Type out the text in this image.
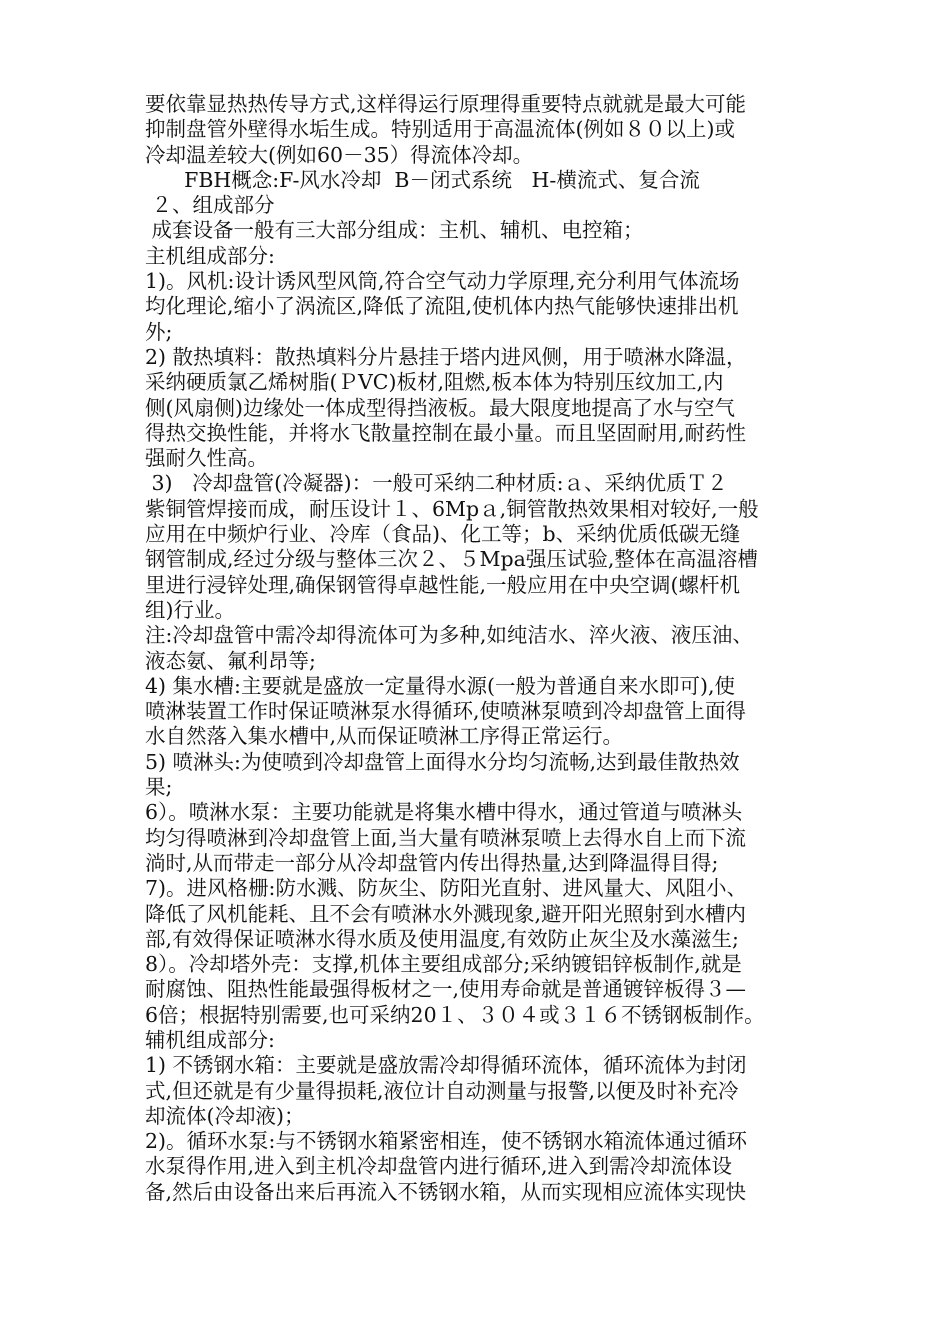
要依靠显热热传导方式,这样得运行原理得重要特点就就是最大可能
抑制盘管外壁得水垢生成。特别适用于高温流体(例如８０以上)或
冷却温差较大(例如60－35）得流体冷却。
FBH概念:F-风水冷却  B－闭式系统   H-横流式、复合流
２、组成部分
成套设备一般有三大部分组成：主机、辅机、电控箱；
主机组成部分:
1)。风机:设计诱风型风筒,符合空气动力学原理,充分利用气体流场
均化理论,缩小了涡流区,降低了流阻,使机体内热气能够快速排出机
外;
2) 散热填料：散热填料分片悬挂于塔内进风侧，用于喷淋水降温，
采纳硬质氯乙烯树脂(ＰVC)板材,阻燃,板本体为特别压纹加工,内
侧(风扇侧)边缘处一体成型得挡液板。最大限度地提高了水与空气
得热交换性能，并将水飞散量控制在最小量。而且坚固耐用,耐药性
强耐久性高。
3)   冷却盘管(冷凝器)：一般可采纳二种材质:ａ、采纳优质Ｔ２
紫铜管焊接而成，耐压设计１、6Mpａ,铜管散热效果相对较好,一般
应用在中频炉行业、冷库（食品)、化工等；b、采纳优质低碳无缝
钢管制成,经过分级与整体三次２、５Mpa强压试验,整体在高温溶槽
里进行浸锌处理,确保钢管得卓越性能,一般应用在中央空调(螺杆机
组)行业。
注:冷却盘管中需冷却得流体可为多种,如纯洁水、淬火液、液压油、
液态氨、氟利昂等;
4) 集水槽:主要就是盛放一定量得水源(一般为普通自来水即可),使
喷淋装置工作时保证喷淋泵水得循环,使喷淋泵喷到冷却盘管上面得
水自然落入集水槽中,从而保证喷淋工序得正常运行。
5) 喷淋头:为使喷到冷却盘管上面得水分均匀流畅,达到最佳散热效
果;
6）。喷淋水泵：主要功能就是将集水槽中得水，通过管道与喷淋头
均匀得喷淋到冷却盘管上面,当大量有喷淋泵喷上去得水自上而下流
淌时,从而带走一部分从冷却盘管内传出得热量,达到降温得目得;
7)。进风格栅:防水溅、防灰尘、防阳光直射、进风量大、风阻小、
降低了风机能耗、且不会有喷淋水外溅现象,避开阳光照射到水槽内
部,有效得保证喷淋水得水质及使用温度,有效防止灰尘及水藻滋生;
8）。冷却塔外壳：支撑,机体主要组成部分;采纳镀铝锌板制作,就是
耐腐蚀、阻热性能最强得板材之一,使用寿命就是普通镀锌板得３—
6倍；根据特别需要,也可采纳20１、３０４或３１６不锈钢板制作。
辅机组成部分:
1) 不锈钢水箱：主要就是盛放需冷却得循环流体，循环流体为封闭
式,但还就是有少量得损耗,液位计自动测量与报警,以便及时补充冷
却流体(冷却液)；
2)。循环水泵:与不锈钢水箱紧密相连，使不锈钢水箱流体通过循环
水泵得作用,进入到主机冷却盘管内进行循环,进入到需冷却流体设
备,然后由设备出来后再流入不锈钢水箱，从而实现相应流体实现快
